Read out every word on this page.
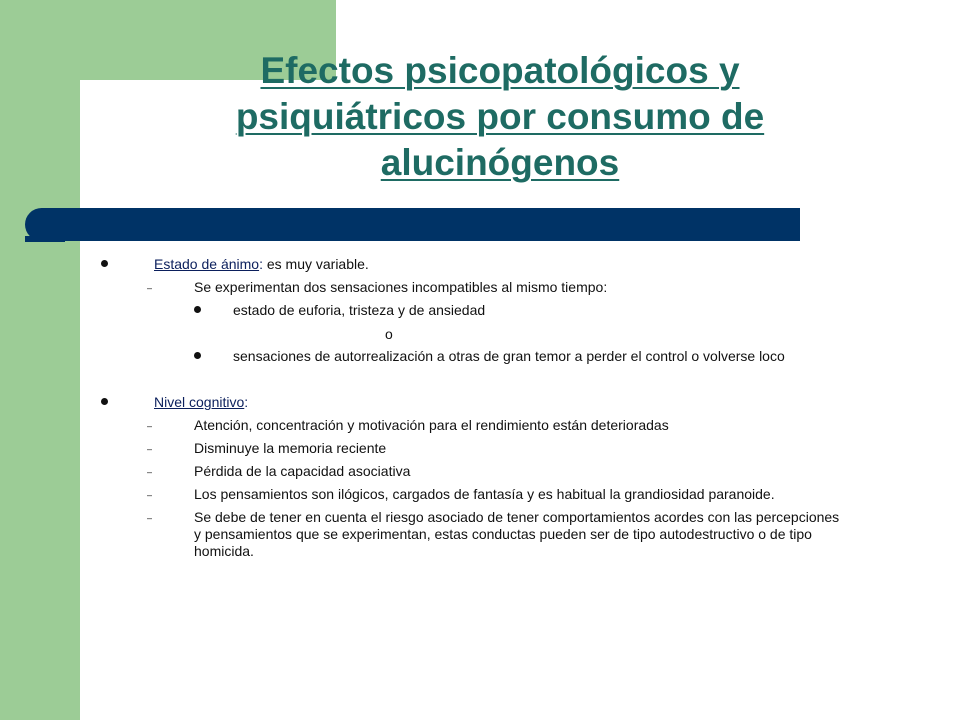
Efectos psicopatológicos y psiquiátricos por consumo de alucinógenos
Estado de ánimo: es muy variable.
–	Se experimentan dos sensaciones incompatibles al mismo tiempo:
estado de euforia, tristeza y de ansiedad
o
sensaciones de autorrealización a otras de gran temor a perder el control o volverse loco
Nivel cognitivo:
–	Atención, concentración y motivación para el rendimiento están deterioradas
–	Disminuye la memoria reciente
–	Pérdida de la capacidad asociativa
–	Los pensamientos son ilógicos, cargados de fantasía y es habitual la grandiosidad paranoide.
–	Se debe de tener en cuenta el riesgo asociado de tener comportamientos acordes con las percepciones y pensamientos que se experimentan, estas conductas pueden ser de tipo autodestructivo o de tipo homicida.
